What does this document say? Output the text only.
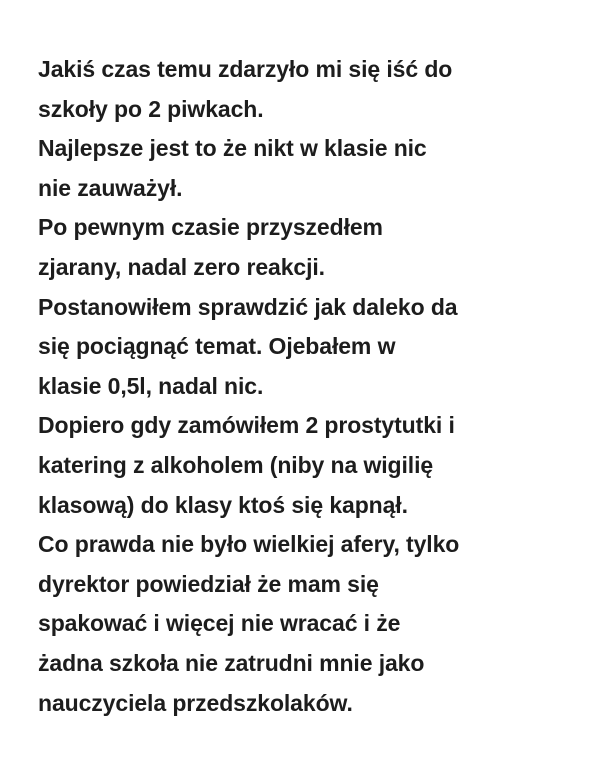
Jakiś czas temu zdarzyło mi się iść do
szkoły po 2 piwkach.
Najlepsze jest to że nikt w klasie nic
nie zauważył.
Po pewnym czasie przyszedłem
zjarany, nadal zero reakcji.
Postanowiłem sprawdzić jak daleko da
się pociągnąć temat. Ojebałem w
klasie 0,5l, nadal nic.
Dopiero gdy zamówiłem 2 prostytutki i
katering z alkoholem (niby na wigilię
klasową) do klasy ktoś się kapnął.
Co prawda nie było wielkiej afery, tylko
dyrektor powiedział że mam się
spakować i więcej nie wracać i że
żadna szkoła nie zatrudni mnie jako
nauczyciela przedszkolaków.
